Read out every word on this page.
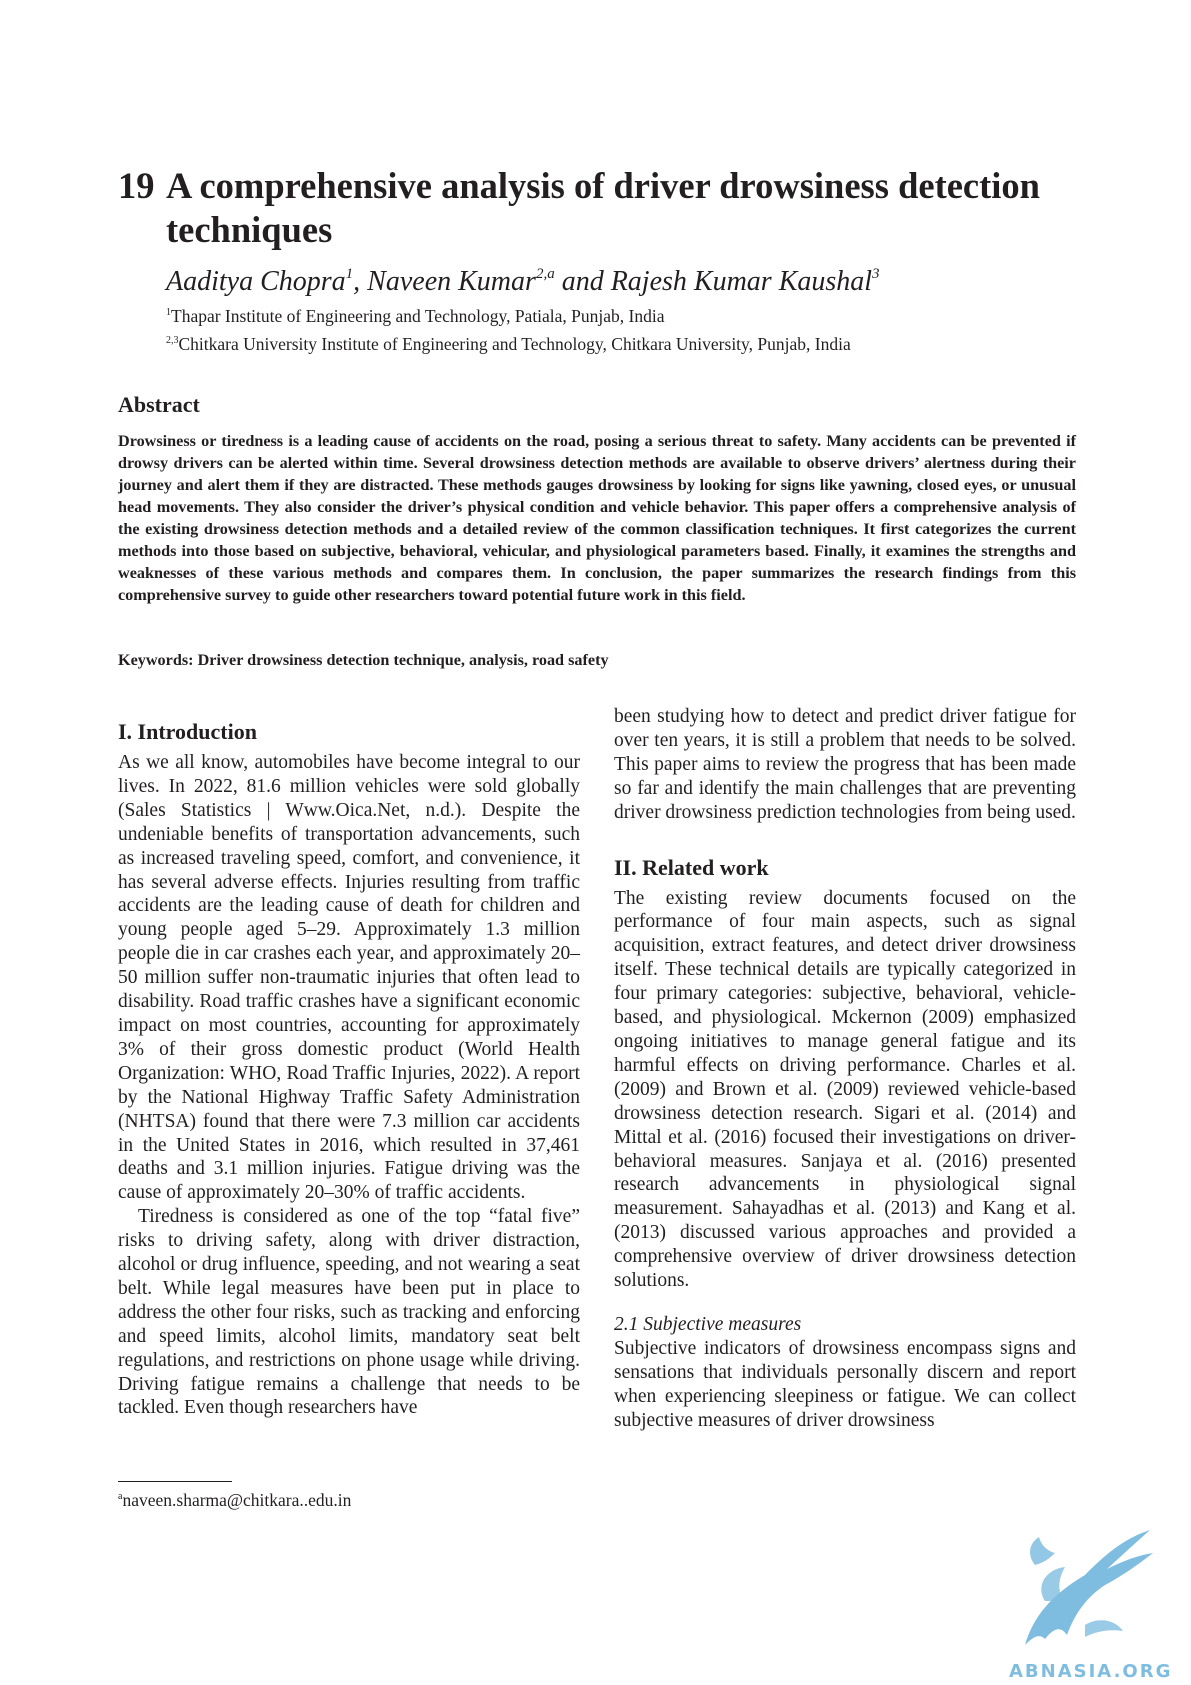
19 A comprehensive analysis of driver drowsiness detection
techniques
Aaditya Chopra$^1$, Naveen Kumar$^{2,a}$ and Rajesh Kumar Kaushal$^3$
$^1$Thapar Institute of Engineering and Technology, Patiala, Punjab, India
$^{2,3}$Chitkara University Institute of Engineering and Technology, Chitkara University, Punjab, India
Abstract
Drowsiness or tiredness is a leading cause of accidents on the road, posing a serious threat to safety. Many accidents can be prevented if drowsy drivers can be alerted within time. Several drowsiness detection methods are available to observe drivers’ alertness during their journey and alert them if they are distracted. These methods gauges drowsiness by looking for signs like yawning, closed eyes, or unusual head movements. They also consider the driver’s physical condition and vehicle behavior. This paper offers a comprehensive analysis of the existing drowsiness detection methods and a detailed review of the common classification techniques. It first categorizes the current methods into those based on subjective, behavioral, vehicular, and physiological parameters based. Finally, it examines the strengths and weaknesses of these various methods and compares them. In conclusion, the paper summarizes the research findings from this comprehensive survey to guide other researchers toward potential future work in this field.
Keywords: Driver drowsiness detection technique, analysis, road safety
I. Introduction

As we all know, automobiles have become integral to our lives. In 2022, 81.6 million vehicles were sold globally (Sales Statistics | Www.Oica.Net, n.d.). Despite the undeniable benefits of transportation advancements, such as increased traveling speed, comfort, and convenience, it has several adverse effects. Injuries resulting from traffic accidents are the leading cause of death for children and young people aged 5–29. Approximately 1.3 million people die in car crashes each year, and approximately 20–50 million suffer non-traumatic injuries that often lead to disability. Road traffic crashes have a significant economic impact on most countries, accounting for approximately 3% of their gross domestic product (World Health Organization: WHO, Road Traffic Injuries, 2022). A report by the National Highway Traffic Safety Administration (NHTSA) found that there were 7.3 million car accidents in the United States in 2016, which resulted in 37,461 deaths and 3.1 million injuries. Fatigue driving was the cause of approximately 20–30% of traffic accidents.

Tiredness is considered as one of the top “fatal five” risks to driving safety, along with driver distraction, alcohol or drug influence, speeding, and not wearing a seat belt. While legal measures have been put in place to address the other four risks, such as tracking and enforcing and speed limits, alcohol limits, mandatory seat belt regulations, and restrictions on phone usage while driving. Driving fatigue remains a challenge that needs to be tackled. Even though researchers have

been studying how to detect and predict driver fatigue for over ten years, it is still a problem that needs to be solved. This paper aims to review the progress that has been made so far and identify the main challenges that are preventing driver drowsiness prediction technologies from being used.

II. Related work

The existing review documents focused on the performance of four main aspects, such as signal acquisition, extract features, and detect driver drowsiness itself. These technical details are typically categorized in four primary categories: subjective, behavioral, vehicle-based, and physiological. Mckernon (2009) emphasized ongoing initiatives to manage general fatigue and its harmful effects on driving performance. Charles et al. (2009) and Brown et al. (2009) reviewed vehicle-based drowsiness detection research. Sigari et al. (2014) and Mittal et al. (2016) focused their investigations on driver-behavioral measures. Sanjaya et al. (2016) presented research advancements in physiological signal measurement. Sahayadhas et al. (2013) and Kang et al. (2013) discussed various approaches and provided a comprehensive overview of driver drowsiness detection solutions.

2.1 Subjective measures

Subjective indicators of drowsiness encompass signs and sensations that individuals personally discern and report when experiencing sleepiness or fatigue. We can collect subjective measures of driver drowsiness

$^a$naveen.sharma@chitkara..edu.in
ABNASIA.ORG
